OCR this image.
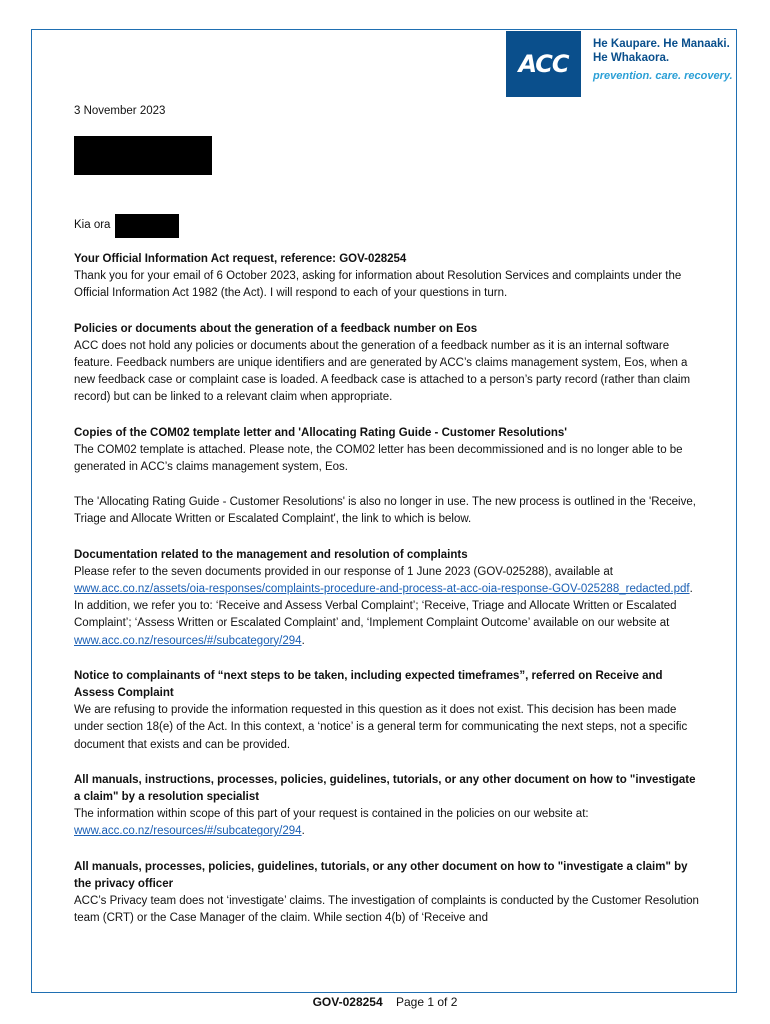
ACC
He Kaupare. He Manaaki.
He Whakaora.
prevention. care. recovery.
3 November 2023
Kia ora
Your Official Information Act request, reference: GOV-028254

Thank you for your email of 6 October 2023, asking for information about Resolution Services and complaints under the Official Information Act 1982 (the Act). I will respond to each of your questions in turn.

Policies or documents about the generation of a feedback number on Eos

ACC does not hold any policies or documents about the generation of a feedback number as it is an internal software feature. Feedback numbers are unique identifiers and are generated by ACC’s claims management system, Eos, when a new feedback case or complaint case is loaded. A feedback case is attached to a person’s party record (rather than claim record) but can be linked to a relevant claim when appropriate.

Copies of the COM02 template letter and 'Allocating Rating Guide - Customer Resolutions'

The COM02 template is attached. Please note, the COM02 letter has been decommissioned and is no longer able to be generated in ACC’s claims management system, Eos.

The 'Allocating Rating Guide - Customer Resolutions' is also no longer in use. The new process is outlined in the 'Receive, Triage and Allocate Written or Escalated Complaint', the link to which is below.

Documentation related to the management and resolution of complaints

Please refer to the seven documents provided in our response of 1 June 2023 (GOV-025288), available at www.acc.co.nz/assets/oia-responses/complaints-procedure-and-process-at-acc-oia-response-GOV-025288_redacted.pdf. In addition, we refer you to: ‘Receive and Assess Verbal Complaint’; ‘Receive, Triage and Allocate Written or Escalated Complaint’; ‘Assess Written or Escalated Complaint’ and, ‘Implement Complaint Outcome’ available on our website at www.acc.co.nz/resources/#/subcategory/294.

Notice to complainants of “next steps to be taken, including expected timeframes”, referred on Receive and Assess Complaint

We are refusing to provide the information requested in this question as it does not exist. This decision has been made under section 18(e) of the Act. In this context, a ‘notice’ is a general term for communicating the next steps, not a specific document that exists and can be provided.

All manuals, instructions, processes, policies, guidelines, tutorials, or any other document on how to "investigate a claim" by a resolution specialist

The information within scope of this part of your request is contained in the policies on our website at: www.acc.co.nz/resources/#/subcategory/294.

All manuals, processes, policies, guidelines, tutorials, or any other document on how to "investigate a claim" by the privacy officer

ACC’s Privacy team does not ‘investigate’ claims. The investigation of complaints is conducted by the Customer Resolution team (CRT) or the Case Manager of the claim. While section 4(b) of ‘Receive and

GOV-028254 Page 1 of 2
